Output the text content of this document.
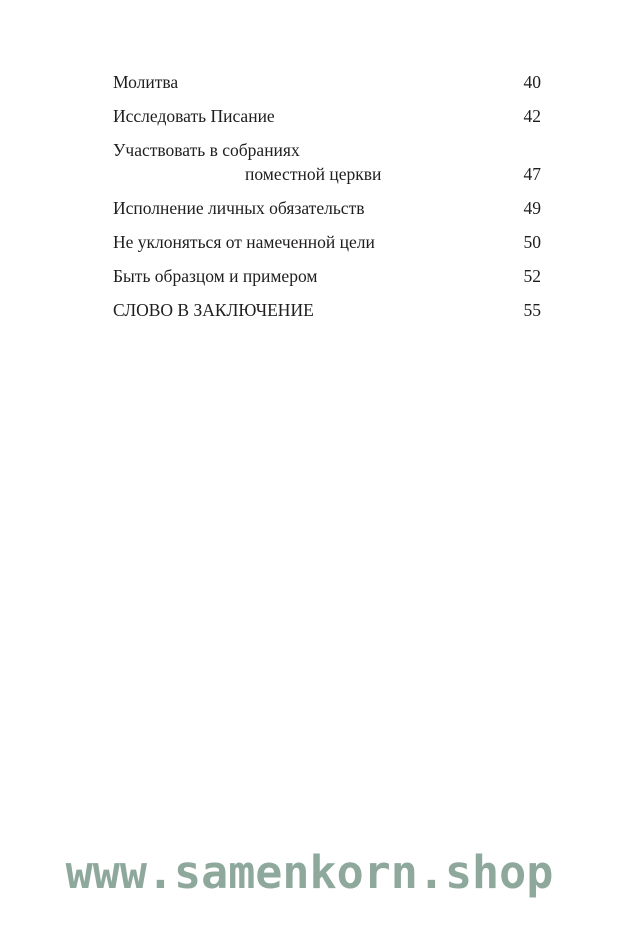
Молитва	40
Исследовать Писание	42
Участвовать в собраниях
поместной церкви	47
Исполнение личных обязательств	49
Не уклоняться от намеченной цели	50
Быть образцом и примером	52
СЛОВО В ЗАКЛЮЧЕНИЕ	55
www.samenkorn.shop
